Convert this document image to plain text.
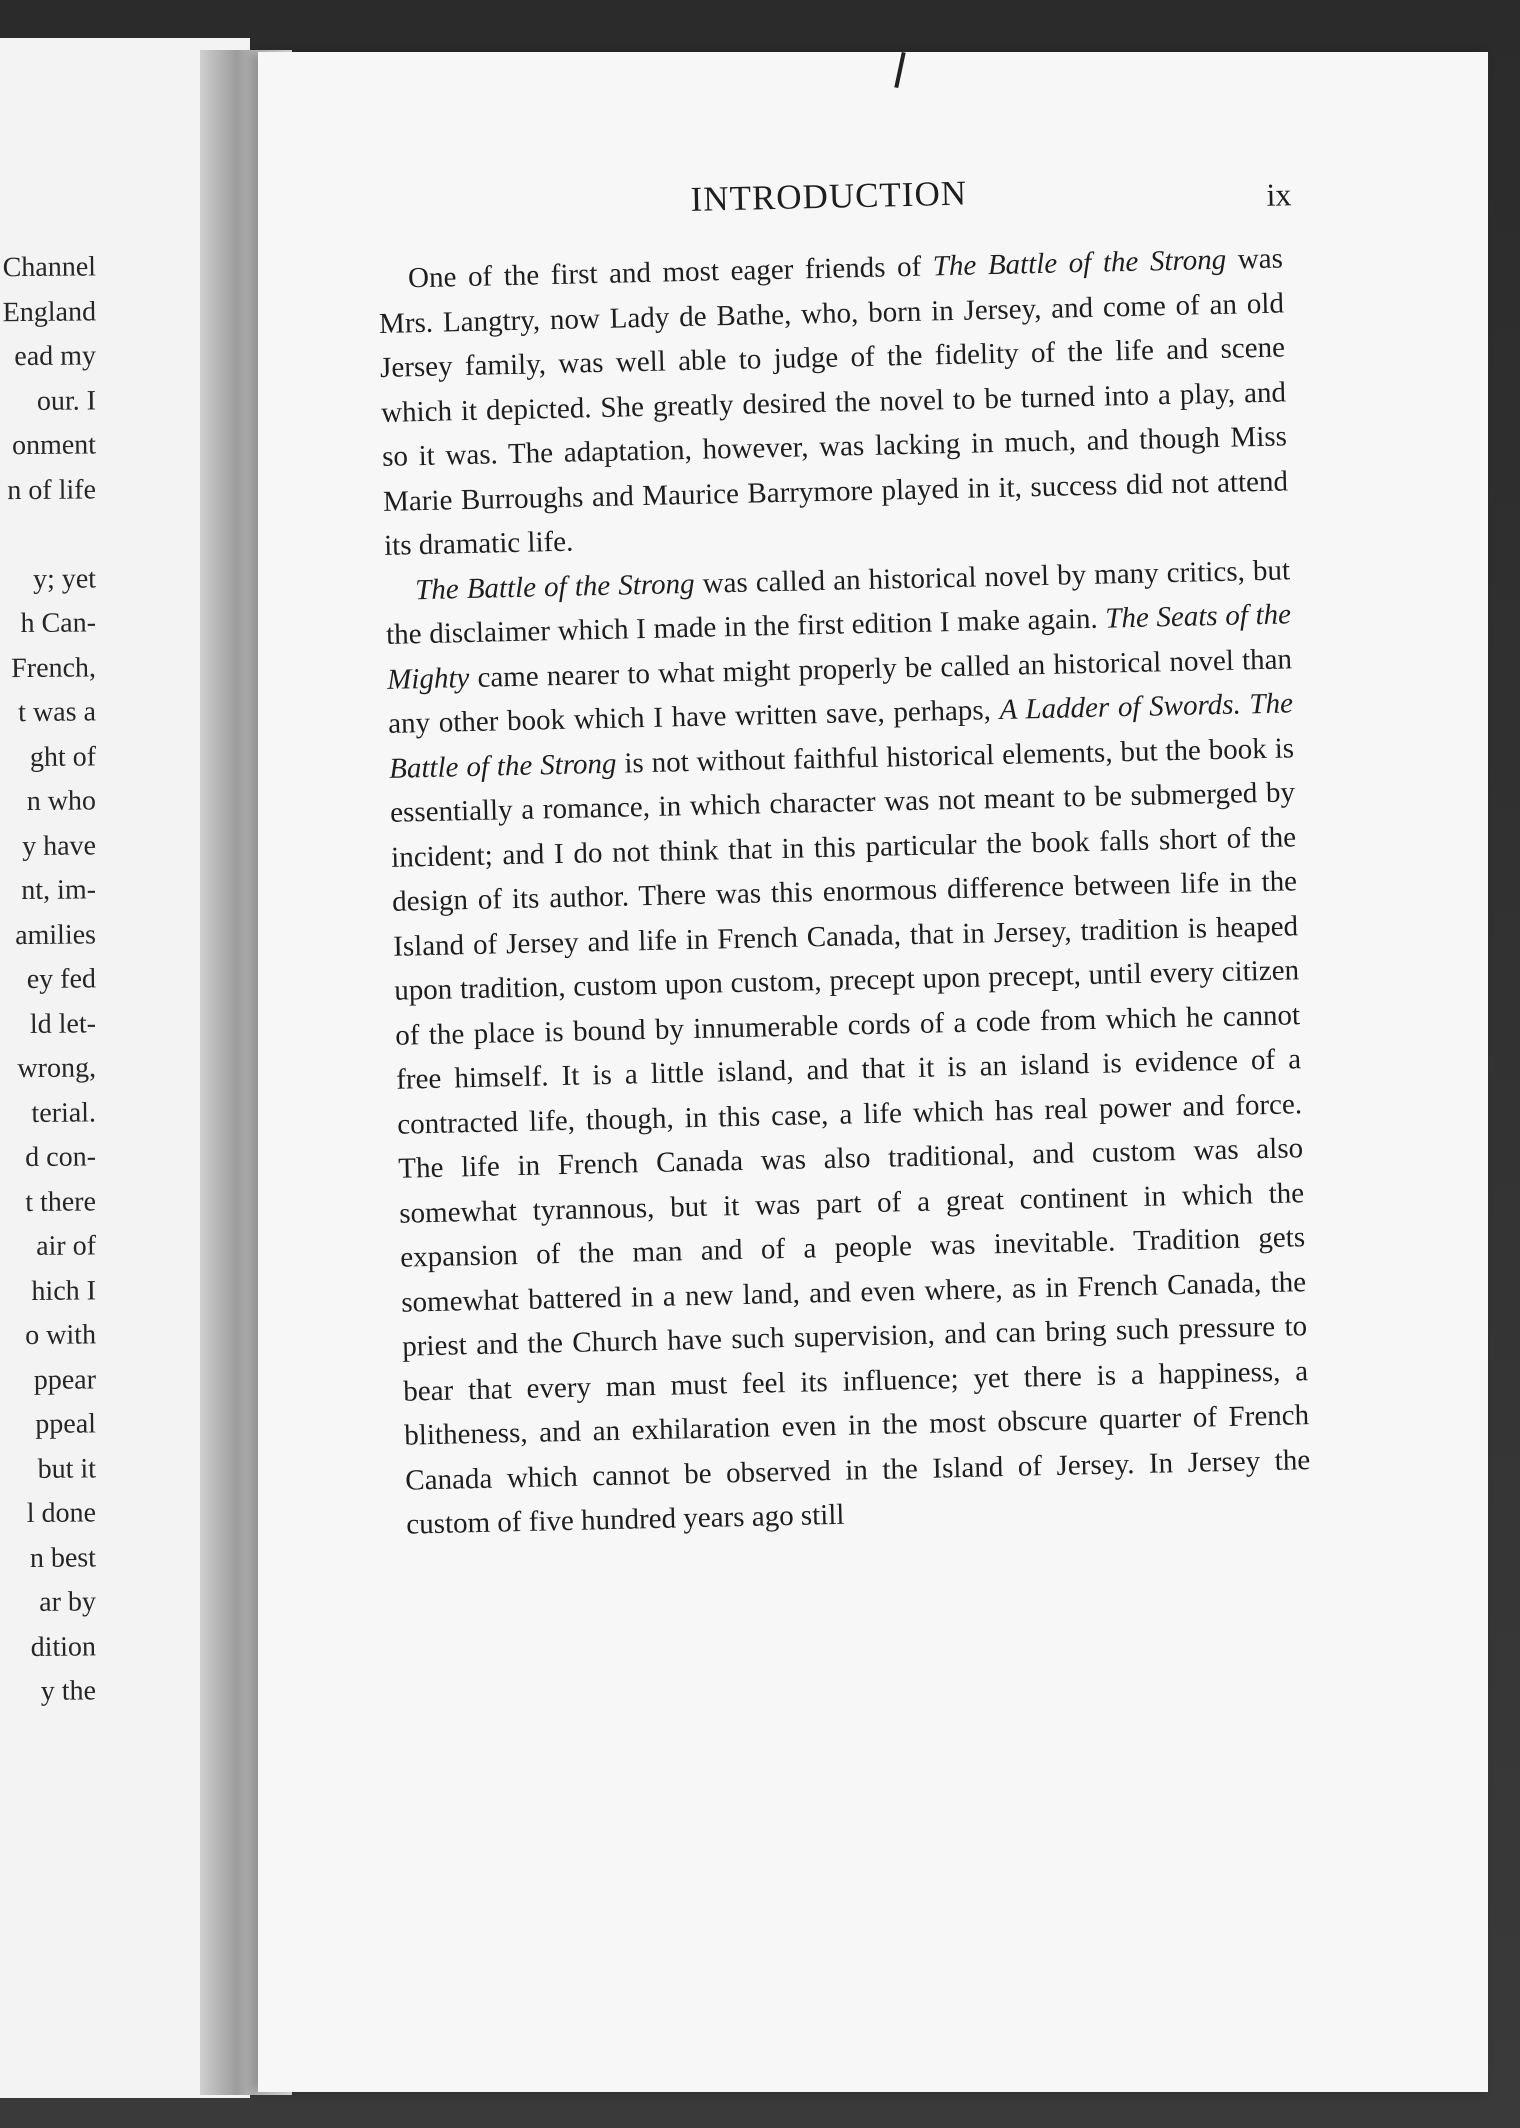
Channel
England
ead my
our. I
onment
n of life
y; yet
h Can-
French,
t was a
ght of
n who
y have
nt, im-
amilies
ey fed
ld let-
wrong,
terial.
d con-
t there
air of
hich I
o with
ppear
ppeal
but it
l done
n best
ar by
dition
y the
INTRODUCTION	ix

One of the first and most eager friends of The Battle of the Strong was Mrs. Langtry, now Lady de Bathe, who, born in Jersey, and come of an old Jersey family, was well able to judge of the fidelity of the life and scene which it depicted. She greatly desired the novel to be turned into a play, and so it was. The adaptation, however, was lacking in much, and though Miss Marie Burroughs and Maurice Barrymore played in it, success did not attend its dramatic life.

The Battle of the Strong was called an historical novel by many critics, but the disclaimer which I made in the first edition I make again. The Seats of the Mighty came nearer to what might properly be called an historical novel than any other book which I have written save, perhaps, A Ladder of Swords. The Battle of the Strong is not without faithful historical elements, but the book is essentially a romance, in which character was not meant to be submerged by incident; and I do not think that in this particular the book falls short of the design of its author. There was this enormous difference between life in the Island of Jersey and life in French Canada, that in Jersey, tradition is heaped upon tradition, custom upon custom, precept upon precept, until every citizen of the place is bound by innumerable cords of a code from which he cannot free himself. It is a little island, and that it is an island is evidence of a contracted life, though, in this case, a life which has real power and force. The life in French Canada was also traditional, and custom was also somewhat tyrannous, but it was part of a great continent in which the expansion of the man and of a people was inevitable. Tradition gets somewhat battered in a new land, and even where, as in French Canada, the priest and the Church have such supervision, and can bring such pressure to bear that every man must feel its influence; yet there is a happiness, a blitheness, and an exhilaration even in the most obscure quarter of French Canada which cannot be observed in the Island of Jersey. In Jersey the custom of five hundred years ago still
